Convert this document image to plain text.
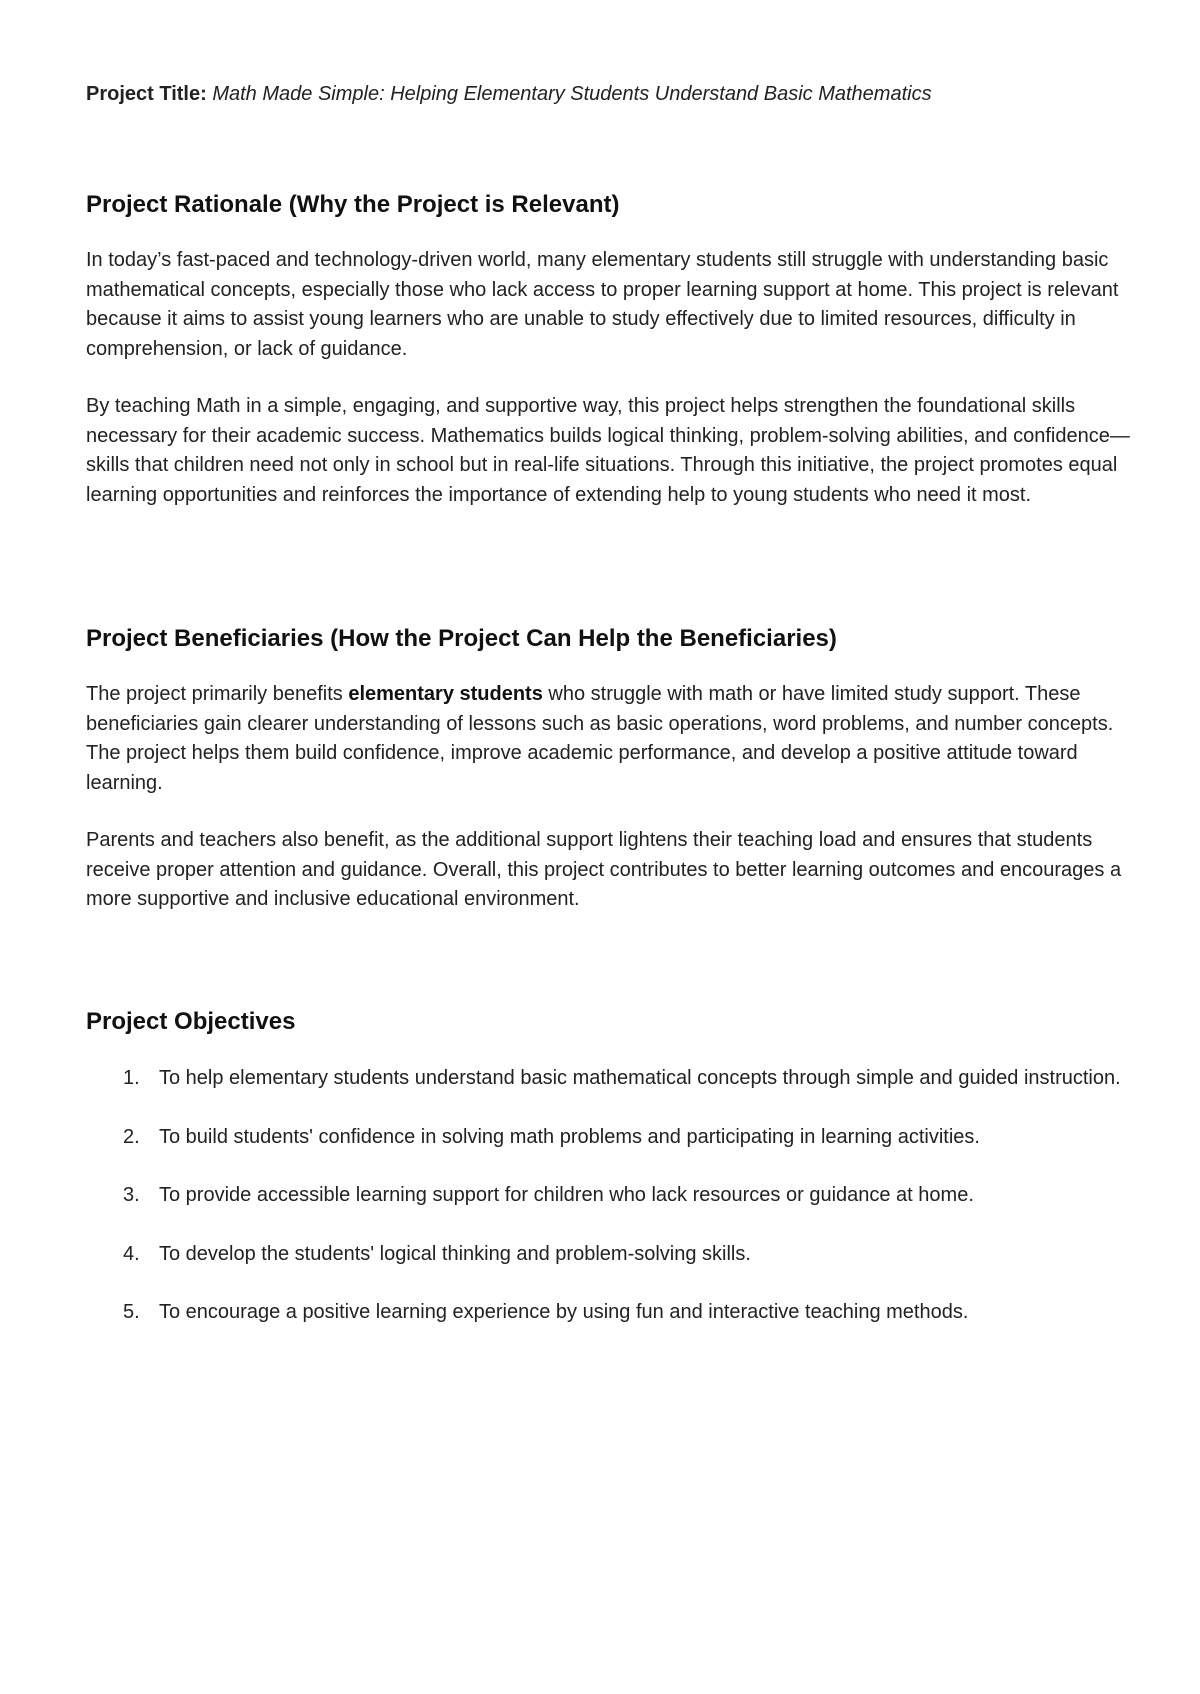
Project Title: Math Made Simple: Helping Elementary Students Understand Basic Mathematics

Project Rationale (Why the Project is Relevant)

In today’s fast-paced and technology-driven world, many elementary students still struggle with understanding basic mathematical concepts, especially those who lack access to proper learning support at home. This project is relevant because it aims to assist young learners who are unable to study effectively due to limited resources, difficulty in comprehension, or lack of guidance.

By teaching Math in a simple, engaging, and supportive way, this project helps strengthen the foundational skills necessary for their academic success. Mathematics builds logical thinking, problem-solving abilities, and confidence—skills that children need not only in school but in real-life situations. Through this initiative, the project promotes equal learning opportunities and reinforces the importance of extending help to young students who need it most.

Project Beneficiaries (How the Project Can Help the Beneficiaries)

The project primarily benefits elementary students who struggle with math or have limited study support. These beneficiaries gain clearer understanding of lessons such as basic operations, word problems, and number concepts. The project helps them build confidence, improve academic performance, and develop a positive attitude toward learning.

Parents and teachers also benefit, as the additional support lightens their teaching load and ensures that students receive proper attention and guidance. Overall, this project contributes to better learning outcomes and encourages a more supportive and inclusive educational environment.

Project Objectives
1. To help elementary students understand basic mathematical concepts through simple and guided instruction.
2. To build students' confidence in solving math problems and participating in learning activities.
3. To provide accessible learning support for children who lack resources or guidance at home.
4. To develop the students' logical thinking and problem-solving skills.
5. To encourage a positive learning experience by using fun and interactive teaching methods.
